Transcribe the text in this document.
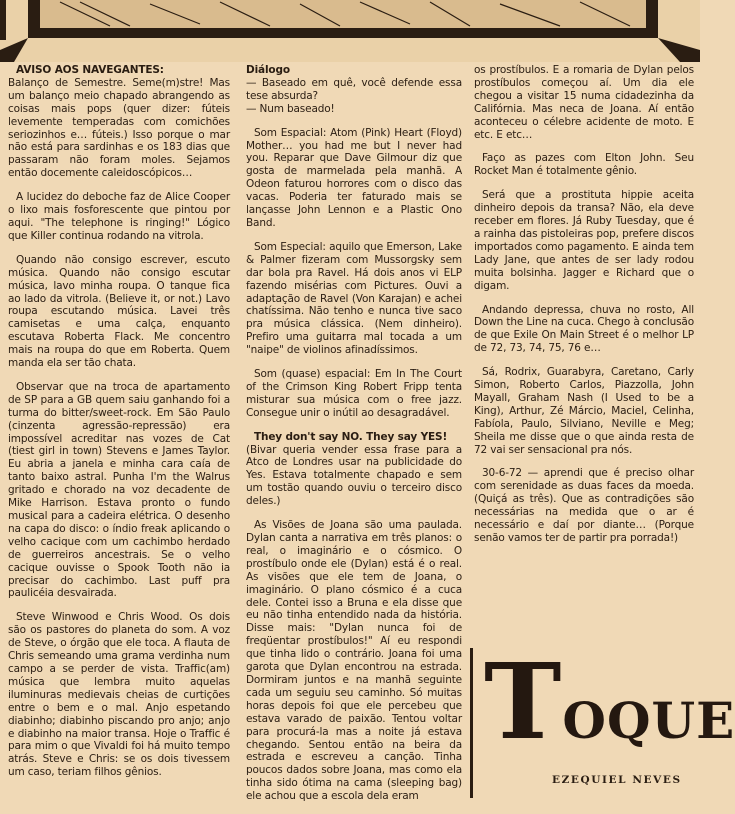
AVISO AOS NAVEGANTES:
Balanço de Semestre. Seme(m)stre! Mas um balanço meio chapado abrangendo as coisas mais pops (quer dizer: fúteis levemente temperadas com comichões seriozinhos e… fúteis.) Isso porque o mar não está para sardinhas e os 183 dias que passaram não foram moles. Sejamos então docemente caleidoscópicos…

A lucidez do deboche faz de Alice Cooper o lixo mais fosforescente que pintou por aqui. "The telephone is ringing!" Lógico que Killer continua rodando na vitrola.

Quando não consigo escrever, escuto música. Quando não consigo escutar música, lavo minha roupa. O tanque fica ao lado da vitrola. (Believe it, or not.) Lavo roupa escutando música. Lavei três camisetas e uma calça, enquanto escutava Roberta Flack. Me concentro mais na roupa do que em Roberta. Quem manda ela ser tão chata.

Observar que na troca de apartamento de SP para a GB quem saiu ganhando foi a turma do bitter/sweet-rock. Em São Paulo (cinzenta agressão-repressão) era impossível acreditar nas vozes de Cat (tiest girl in town) Stevens e James Taylor. Eu abria a janela e minha cara caía de tanto baixo astral. Punha I'm the Walrus gritado e chorado na voz decadente de Mike Harrison. Estava pronto o fundo musical para a cadeira elétrica. O desenho na capa do disco: o índio freak aplicando o velho cacique com um cachimbo herdado de guerreiros ancestrais. Se o velho cacique ouvisse o Spook Tooth não ia precisar do cachimbo. Last puff pra paulicéia desvairada.

Steve Winwood e Chris Wood. Os dois são os pastores do planeta do som. A voz de Steve, o órgão que ele toca. A flauta de Chris semeando uma grama verdinha num campo a se perder de vista. Traffic(am) música que lembra muito aquelas iluminuras medievais cheias de curtições entre o bem e o mal. Anjo espetando diabinho; diabinho piscando pro anjo; anjo e diabinho na maior transa. Hoje o Traffic é para mim o que Vivaldi foi há muito tempo atrás. Steve e Chris: se os dois tivessem um caso, teriam filhos gênios.

Diálogo
— Baseado em quê, você defende essa tese absurda?
— Num baseado!

Som Espacial: Atom (Pink) Heart (Floyd) Mother… you had me but I never had you. Reparar que Dave Gilmour diz que gosta de marmelada pela manhã. A Odeon faturou horrores com o disco das vacas. Poderia ter faturado mais se lançasse John Lennon e a Plastic Ono Band.

Som Especial: aquilo que Emerson, Lake & Palmer fizeram com Mussorgsky sem dar bola pra Ravel. Há dois anos vi ELP fazendo misérias com Pictures. Ouvi a adaptação de Ravel (Von Karajan) e achei chatíssima. Não tenho e nunca tive saco pra música clássica. (Nem dinheiro). Prefiro uma guitarra mal tocada a um "naipe" de violinos afinadíssimos.

Som (quase) espacial: Em In The Court of the Crimson King Robert Fripp tenta misturar sua música com o free jazz. Consegue unir o inútil ao desagradável.

They don't say NO. They say YES!
(Bivar queria vender essa frase para a Atco de Londres usar na publicidade do Yes. Estava totalmente chapado e sem um tostão quando ouviu o terceiro disco deles.)

As Visões de Joana são uma paulada. Dylan canta a narrativa em três planos: o real, o imaginário e o cósmico. O prostíbulo onde ele (Dylan) está é o real. As visões que ele tem de Joana, o imaginário. O plano cósmico é a cuca dele. Contei isso a Bruna e ela disse que eu não tinha entendido nada da história. Disse mais: "Dylan nunca foi de freqüentar prostíbulos!" Aí eu respondi que tinha lido o contrário. Joana foi uma garota que Dylan encontrou na estrada. Dormiram juntos e na manhã seguinte cada um seguiu seu caminho. Só muitas horas depois foi que ele percebeu que estava varado de paixão. Tentou voltar para procurá-la mas a noite já estava chegando. Sentou então na beira da estrada e escreveu a canção. Tinha poucos dados sobre Joana, mas como ela tinha sido ótima na cama (sleeping bag) ele achou que a escola dela eram

os prostíbulos. E a romaria de Dylan pelos prostíbulos começou aí. Um dia ele chegou a visitar 15 numa cidadezinha da Califórnia. Mas neca de Joana. Aí então aconteceu o célebre acidente de moto. E etc. E etc…

Faço as pazes com Elton John. Seu Rocket Man é totalmente gênio.

Será que a prostituta hippie aceita dinheiro depois da transa? Não, ela deve receber em flores. Já Ruby Tuesday, que é a rainha das pistoleiras pop, prefere discos importados como pagamento. E ainda tem Lady Jane, que antes de ser lady rodou muita bolsinha. Jagger e Richard que o digam.

Andando depressa, chuva no rosto, All Down the Line na cuca. Chego à conclusão de que Exile On Main Street é o melhor LP de 72, 73, 74, 75, 76 e…

Sá, Rodrix, Guarabyra, Caretano, Carly Simon, Roberto Carlos, Piazzolla, John Mayall, Graham Nash (I Used to be a King), Arthur, Zé Márcio, Maciel, Celinha, Fabíola, Paulo, Silviano, Neville e Meg; Sheila me disse que o que ainda resta de 72 vai ser sensacional pra nós.

30-6-72 — aprendi que é preciso olhar com serenidade as duas faces da moeda. (Quiçá as três). Que as contradições são necessárias na medida que o ar é necessário e daí por diante… (Porque senão vamos ter de partir pra porrada!)

TOQUE
EZEQUIEL NEVES
